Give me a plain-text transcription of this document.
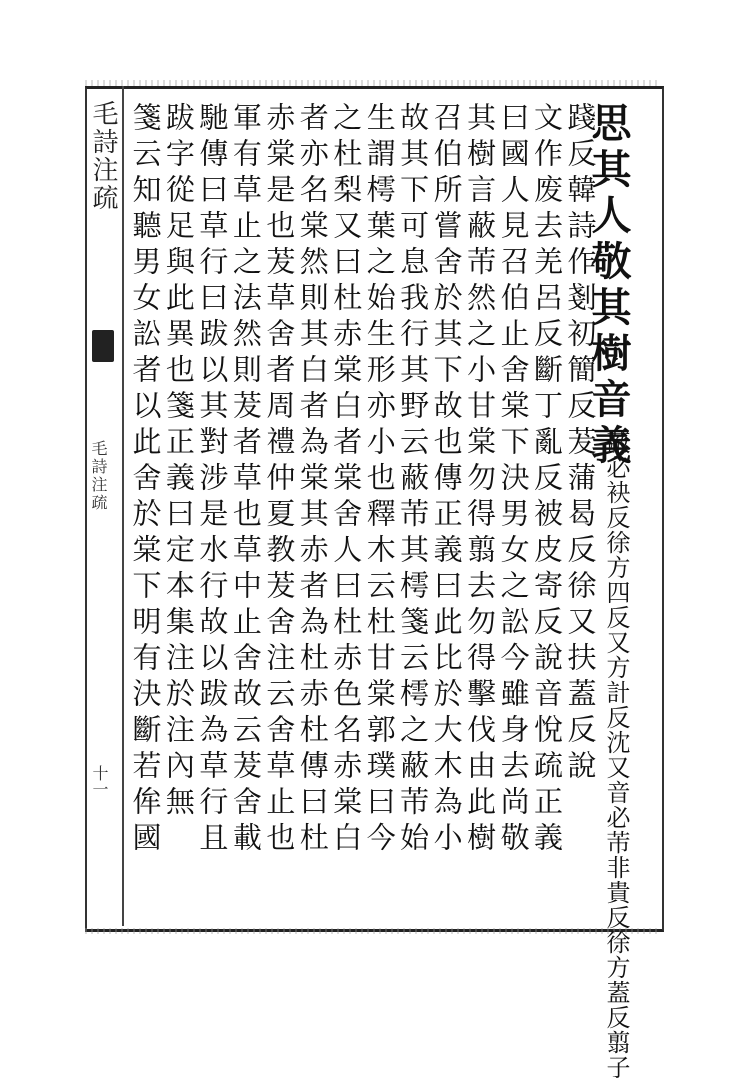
毛詩注疏
毛詩注疏
十一
思其人敬其樹音義
蔽必袂反徐方四反又方計反沈又音必芾非貴反徐方蓋反翦子
踐反韓詩作剗初簡反茇蒲曷反徐又扶蓋反說
文作废去羌呂反斷丁亂反被皮寄反說音悅疏正義
曰國人見召伯止舍棠下決男女之訟今雖身去尚敬
其樹言蔽芾然之小甘棠勿得翦去勿得擊伐由此樹
召伯所嘗舍於其下故也傳正義曰此比於大木為小
故其下可息我行其野云蔽芾其樗箋云樗之蔽芾始
生謂樗葉之始生形亦小也釋木云杜甘棠郭璞曰今
之杜梨又曰杜赤棠白者棠舍人曰杜赤色名赤棠白
者亦名棠然則其白者為棠其赤者為杜赤杜傳曰杜
赤棠是也茇草舍者周禮仲夏教茇舍注云舍草止也
軍有草止之法然則茇者草也草中止舍故云茇舍載
馳傳曰草行曰跋以其對涉是水行故以跋為草行且
跋字從足與此異也箋正義曰定本集注於注內無
箋云知聽男女訟者以此舍於棠下明有決斷若侔國
